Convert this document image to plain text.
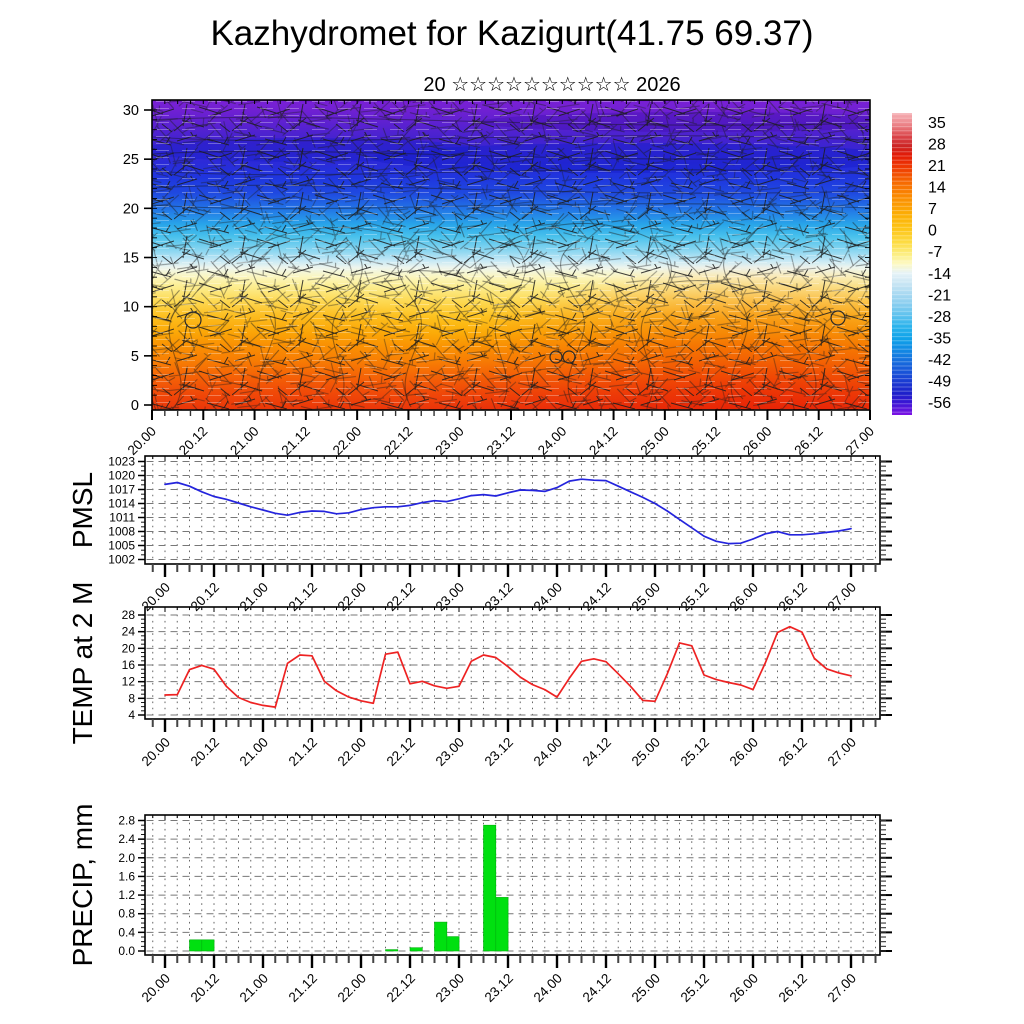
Kazhydromet for Kazigurt(41.75 69.37)
20 ☆☆☆☆☆☆☆☆☆☆ 2026
0
5
10
15
20
25
30
20.00 20.12 21.00 21.12 22.00 22.12 23.00 23.12 24.00 24.12 25.00 25.12 26.00 26.12 27.00
35
28
21
14
7
0
-7
-14
-21
-28
-35
-42
-49
-56
1002
1005
1008
1011
1014
1017
1020
1023
20.00 20.12 21.00 21.12 22.00 22.12 23.00 23.12 24.00 24.12 25.00 25.12 26.00 26.12 27.00
PMSL
4
8
12
16
20
24
28
20.00 20.12 21.00 21.12 22.00 22.12 23.00 23.12 24.00 24.12 25.00 25.12 26.00 26.12 27.00
TEMP at 2 M
0.0
0.4
0.8
1.2
1.6
2.0
2.4
2.8
20.00 20.12 21.00 21.12 22.00 22.12 23.00 23.12 24.00 24.12 25.00 25.12 26.00 26.12 27.00
PRECIP, mm
